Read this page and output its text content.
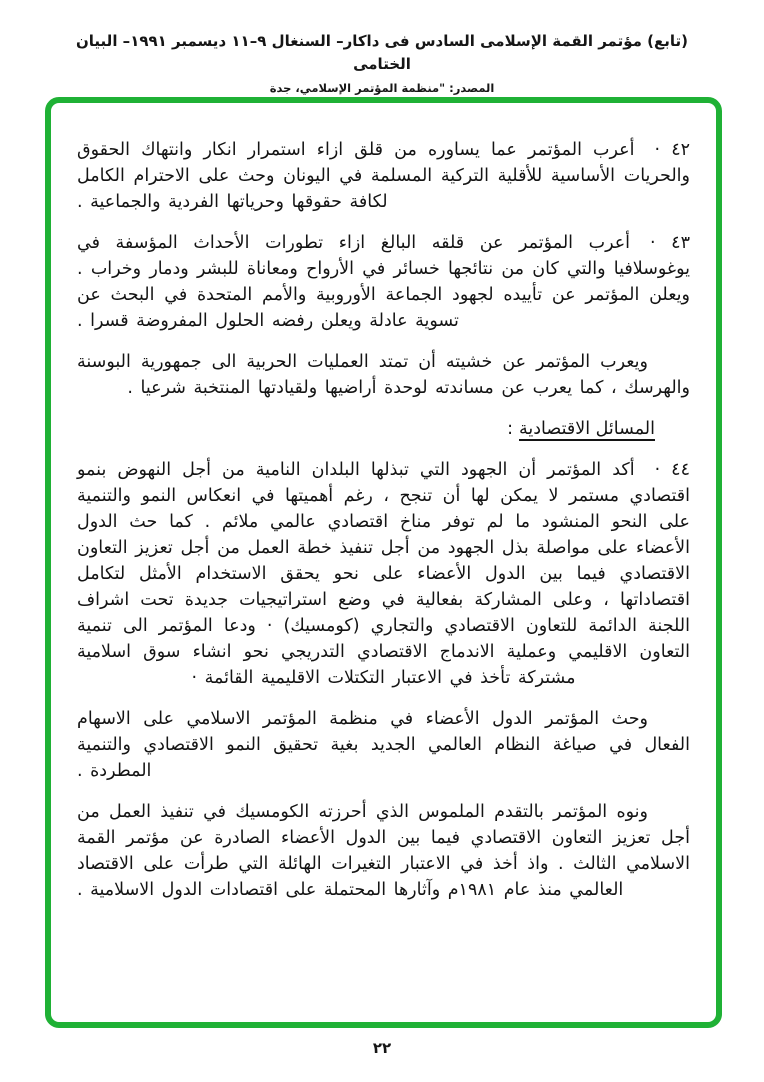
(تابع) مؤتمر القمة الإسلامى السادس فى داكار– السنغال ٩–١١ ديسمبر ١٩٩١– البيان الختامى
المصدر: "منظمة المؤتمر الإسلامي، جدة

٤٢ ·أعرب المؤتمر عما يساوره من قلق ازاء استمرار انكار وانتهاك الحقوق والحريات الأساسية للأقلية التركية المسلمة في اليونان وحث على الاحترام الكامل لكافة حقوقها وحرياتها الفردية والجماعية .

٤٣ ·أعرب المؤتمر عن قلقه البالغ ازاء تطورات الأحداث المؤسفة في يوغوسلافيا والتي كان من نتائجها خسائر في الأرواح ومعاناة للبشر ودمار وخراب . ويعلن المؤتمر عن تأييده لجهود الجماعة الأوروبية والأمم المتحدة في البحث عن تسوية عادلة ويعلن رفضه الحلول المفروضة قسرا .

ويعرب المؤتمر عن خشيته أن تمتد العمليات الحربية الى جمهورية البوسنة والهرسك ، كما يعرب عن مساندته لوحدة أراضيها ولقيادتها المنتخبة شرعيا .

المسائل الاقتصادية:

٤٤ ·أكد المؤتمر أن الجهود التي تبذلها البلدان النامية من أجل النهوض بنمو اقتصادي مستمر لا يمكن لها أن تنجح ، رغم أهميتها في انعكاس النمو والتنمية على النحو المنشود ما لم توفر مناخ اقتصادي عالمي ملائم . كما حث الدول الأعضاء على مواصلة بذل الجهود من أجل تنفيذ خطة العمل من أجل تعزيز التعاون الاقتصادي فيما بين الدول الأعضاء على نحو يحقق الاستخدام الأمثل لتكامل اقتصاداتها ، وعلى المشاركة بفعالية في وضع استراتيجيات جديدة تحت اشراف اللجنة الدائمة للتعاون الاقتصادي والتجاري (كومسيك) · ودعا المؤتمر الى تنمية التعاون الاقليمي وعملية الاندماج الاقتصادي التدريجي نحو انشاء سوق اسلامية مشتركة تأخذ في الاعتبار التكتلات الاقليمية القائمة ·

وحث المؤتمر الدول الأعضاء في منظمة المؤتمر الاسلامي على الاسهام الفعال في صياغة النظام العالمي الجديد بغية تحقيق النمو الاقتصادي والتنمية المطردة .

ونوه المؤتمر بالتقدم الملموس الذي أحرزته الكومسيك في تنفيذ العمل من أجل تعزيز التعاون الاقتصادي فيما بين الدول الأعضاء الصادرة عن مؤتمر القمة الاسلامي الثالث . واذ أخذ في الاعتبار التغيرات الهائلة التي طرأت على الاقتصاد العالمي منذ عام ١٩٨١م وآثارها المحتملة على اقتصادات الدول الاسلامية .

٢٢
